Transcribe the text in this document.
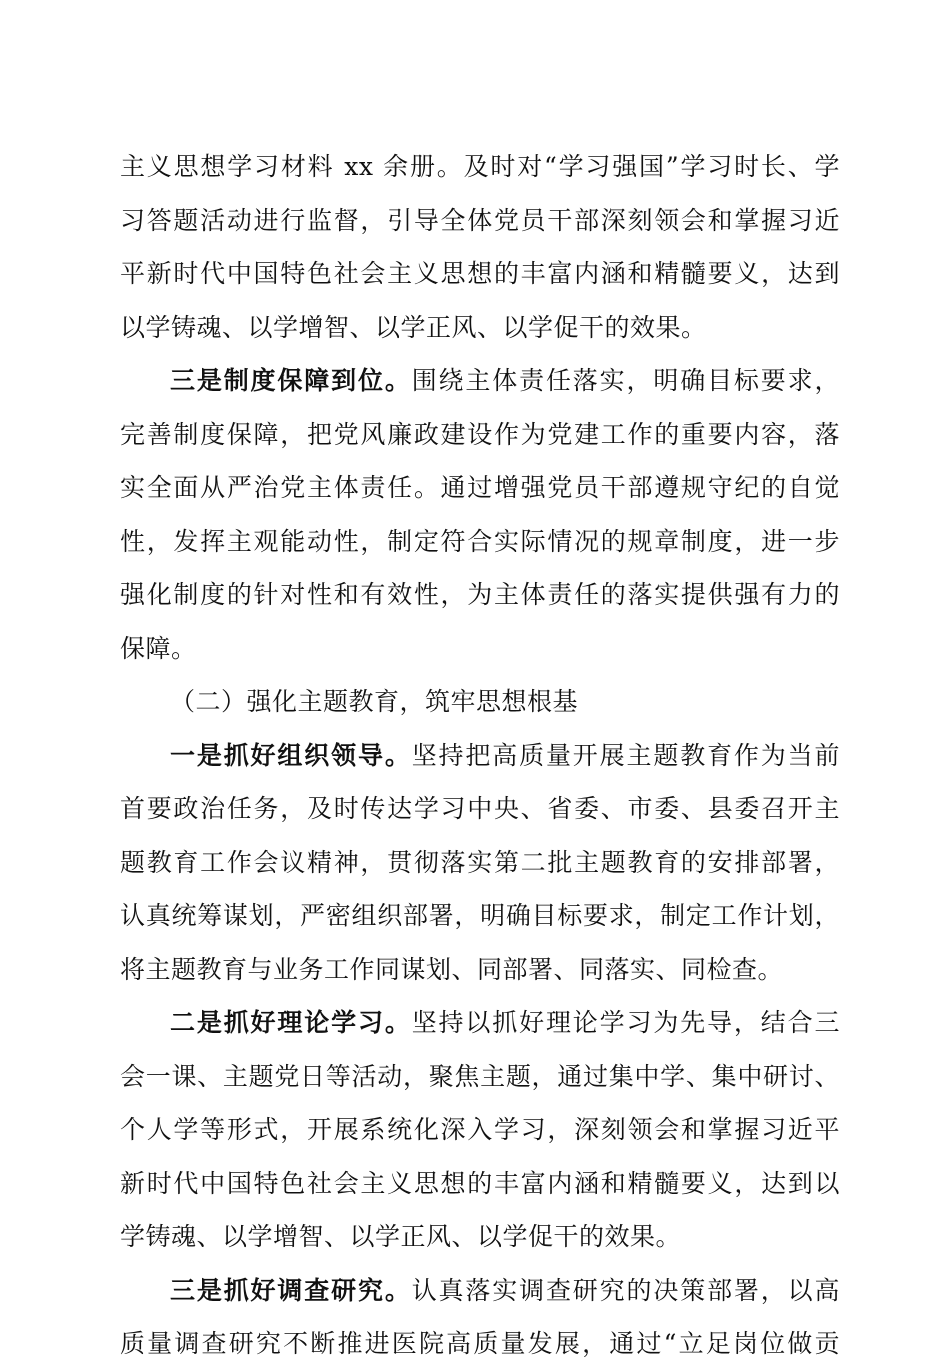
主义思想学习材料 xx 余册。及时对“学习强国”学习时长、学
习答题活动进行监督，引导全体党员干部深刻领会和掌握习近
平新时代中国特色社会主义思想的丰富内涵和精髓要义，达到
以学铸魂、以学增智、以学正风、以学促干的效果。
三是制度保障到位。围绕主体责任落实，明确目标要求，
完善制度保障，把党风廉政建设作为党建工作的重要内容，落
实全面从严治党主体责任。通过增强党员干部遵规守纪的自觉
性，发挥主观能动性，制定符合实际情况的规章制度，进一步
强化制度的针对性和有效性，为主体责任的落实提供强有力的
保障。
（二）强化主题教育，筑牢思想根基
一是抓好组织领导。坚持把高质量开展主题教育作为当前
首要政治任务，及时传达学习中央、省委、市委、县委召开主
题教育工作会议精神，贯彻落实第二批主题教育的安排部署，
认真统筹谋划，严密组织部署，明确目标要求，制定工作计划，
将主题教育与业务工作同谋划、同部署、同落实、同检查。
二是抓好理论学习。坚持以抓好理论学习为先导，结合三
会一课、主题党日等活动，聚焦主题，通过集中学、集中研讨、
个人学等形式，开展系统化深入学习，深刻领会和掌握习近平
新时代中国特色社会主义思想的丰富内涵和精髓要义，达到以
学铸魂、以学增智、以学正风、以学促干的效果。
三是抓好调查研究。认真落实调查研究的决策部署，以高
质量调查研究不断推进医院高质量发展，通过“立足岗位做贡
